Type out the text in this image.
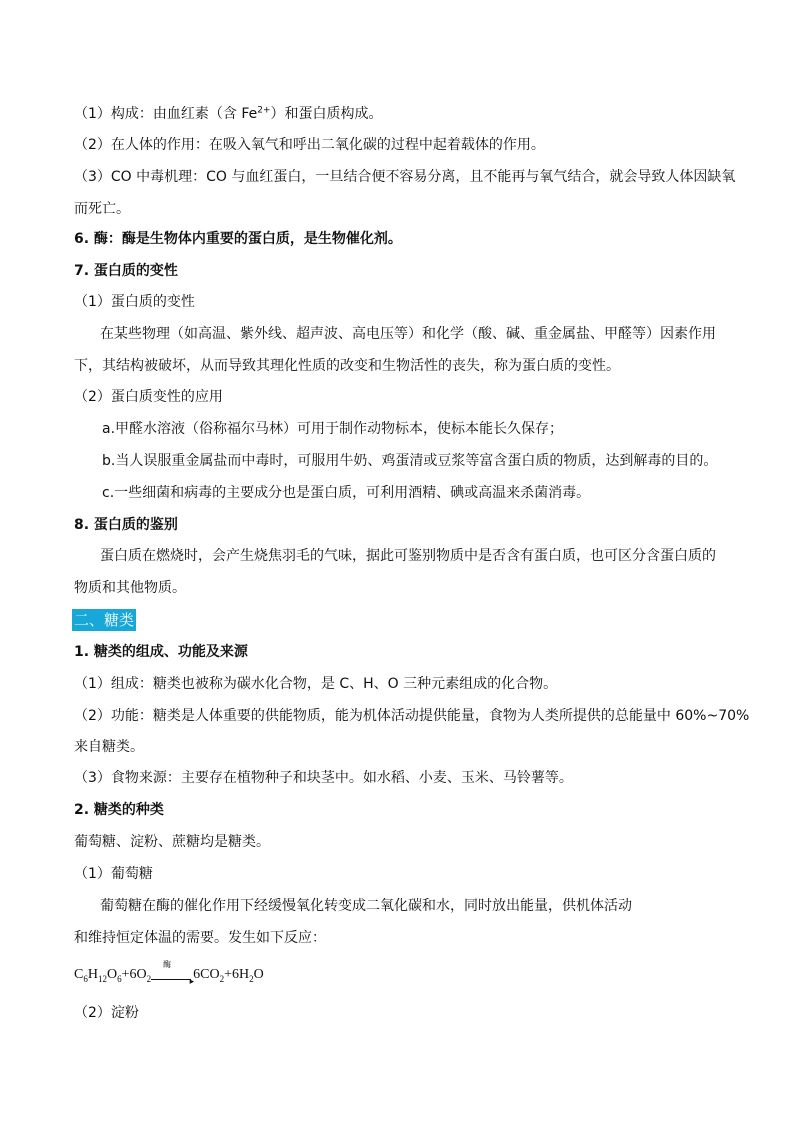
（1）构成：由血红素（含 $Fe^{2+}$）和蛋白质构成。
（2）在人体的作用：在吸入氧气和呼出二氧化碳的过程中起着载体的作用。
（3）CO 中毒机理：CO 与血红蛋白，一旦结合便不容易分离，且不能再与氧气结合，就会导致人体因缺氧
而死亡。
6. 酶：酶是生物体内重要的蛋白质，是生物催化剂。
7. 蛋白质的变性
（1）蛋白质的变性
在某些物理（如高温、紫外线、超声波、高电压等）和化学（酸、碱、重金属盐、甲醛等）因素作用
下，其结构被破坏，从而导致其理化性质的改变和生物活性的丧失，称为蛋白质的变性。
（2）蛋白质变性的应用
a.甲醛水溶液（俗称福尔马林）可用于制作动物标本，使标本能长久保存；
b.当人误服重金属盐而中毒时，可服用牛奶、鸡蛋清或豆浆等富含蛋白质的物质，达到解毒的目的。
c.一些细菌和病毒的主要成分也是蛋白质，可利用酒精、碘或高温来杀菌消毒。
8. 蛋白质的鉴别
蛋白质在燃烧时，会产生烧焦羽毛的气味，据此可鉴别物质中是否含有蛋白质，也可区分含蛋白质的
物质和其他物质。
二、糖类
1. 糖类的组成、功能及来源
（1）组成：糖类也被称为碳水化合物，是 C、H、O 三种元素组成的化合物。
（2）功能：糖类是人体重要的供能物质，能为机体活动提供能量，食物为人类所提供的总能量中 60%~70%
来自糖类。
（3）食物来源：主要存在植物种子和块茎中。如水稻、小麦、玉米、马铃薯等。
2. 糖类的种类
葡萄糖、淀粉、蔗糖均是糖类。
（1）葡萄糖
葡萄糖在酶的催化作用下经缓慢氧化转变成二氧化碳和水，同时放出能量，供机体活动
和维持恒定体温的需要。发生如下反应：
$C_6H_{12}O_6+6O_2$
酶
▸ $6CO_2+6H_2O$
（2）淀粉
